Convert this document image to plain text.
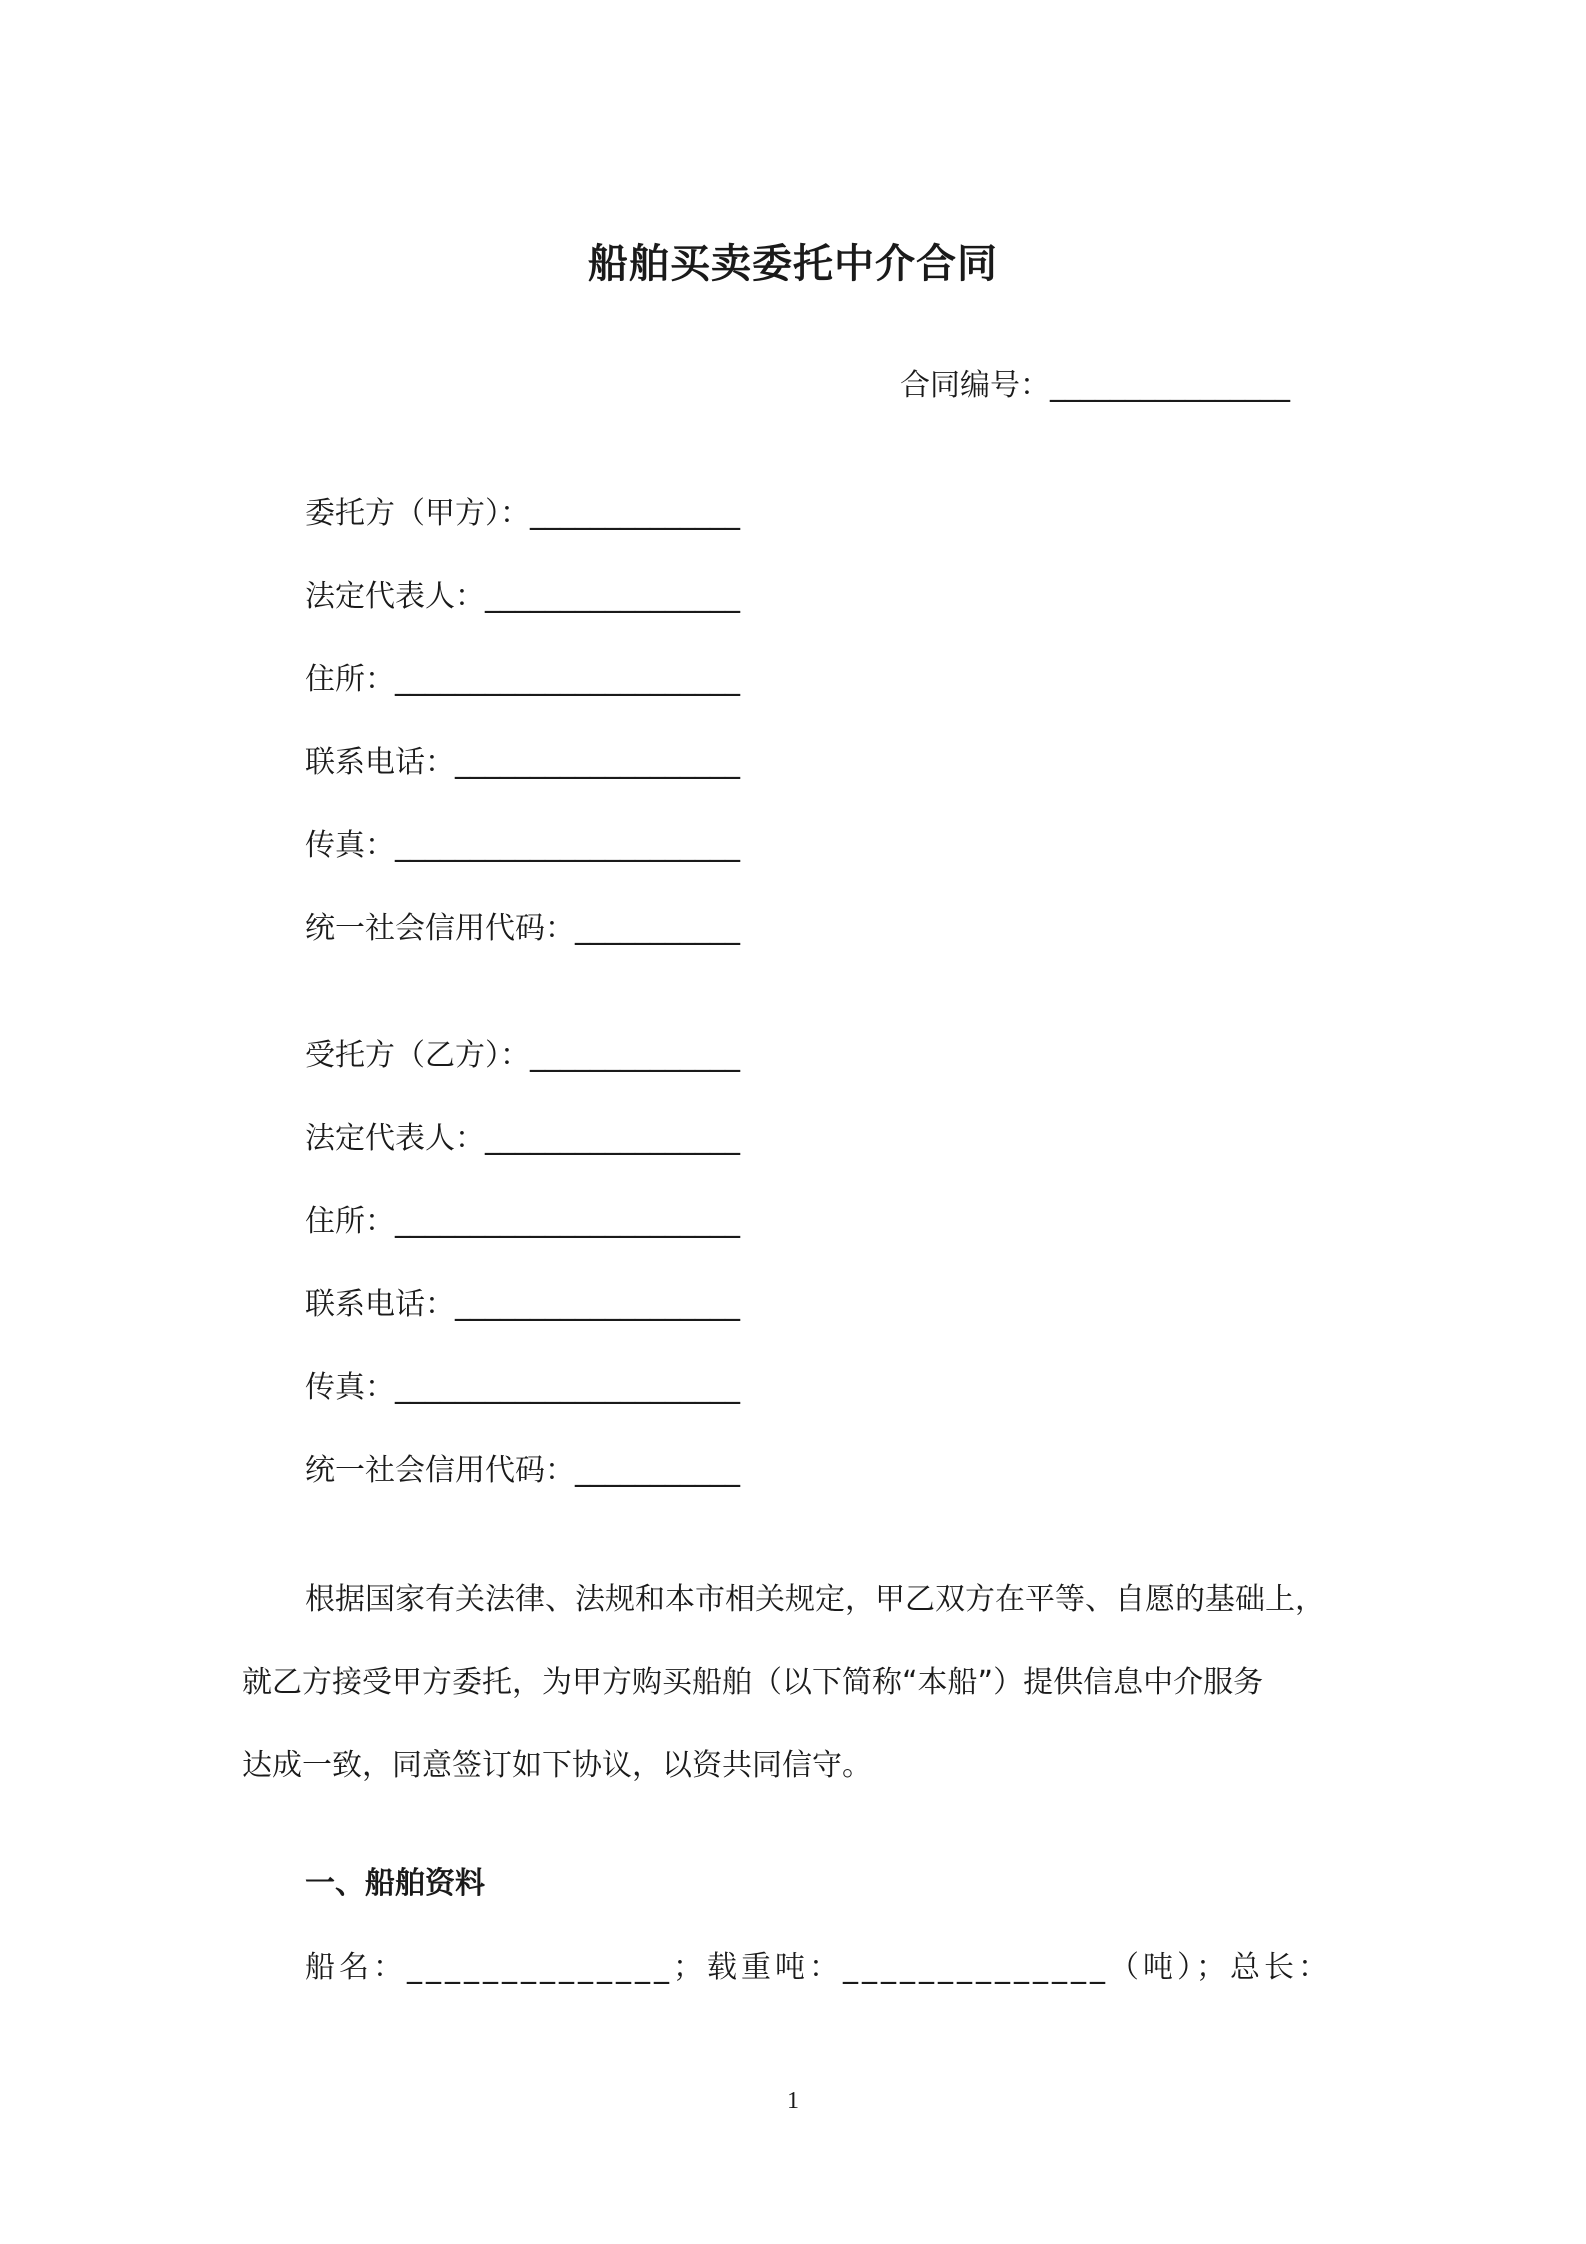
船舶买卖委托中介合同
合同编号：________________
委托方（甲方）：______________
法定代表人：_________________
住所：_______________________
联系电话：___________________
传真：_______________________
统一社会信用代码：___________
受托方（乙方）：______________
法定代表人：_________________
住所：_______________________
联系电话：___________________
传真：_______________________
统一社会信用代码：___________
根据国家有关法律、法规和本市相关规定，甲乙双方在平等、自愿的基础上，
就乙方接受甲方委托，为甲方购买船舶（以下简称“本船”）提供信息中介服务
达成一致，同意签订如下协议，以资共同信守。
一、船舶资料
船名：______________；载重吨：______________（吨）；总长：
1
